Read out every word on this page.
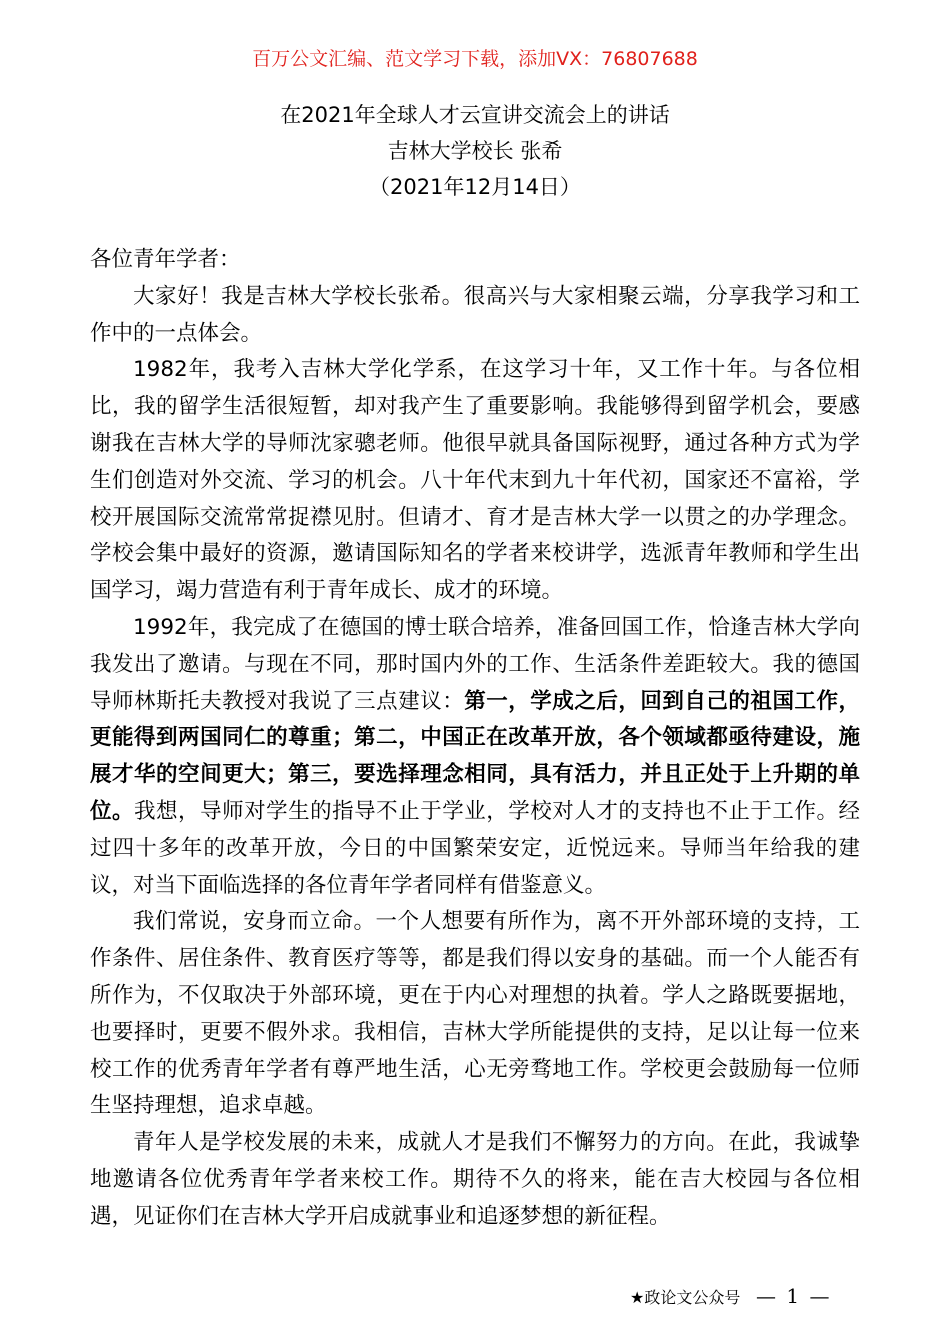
百万公文汇编、范文学习下载，添加VX：76807688
在2021年全球人才云宣讲交流会上的讲话
吉林大学校长 张希
（2021年12月14日）

各位青年学者：

大家好！我是吉林大学校长张希。很高兴与大家相聚云端，分享我学习和工作中的一点体会。

1982年，我考入吉林大学化学系，在这学习十年，又工作十年。与各位相比，我的留学生活很短暂，却对我产生了重要影响。我能够得到留学机会，要感谢我在吉林大学的导师沈家骢老师。他很早就具备国际视野，通过各种方式为学生们创造对外交流、学习的机会。八十年代末到九十年代初，国家还不富裕，学校开展国际交流常常捉襟见肘。但请才、育才是吉林大学一以贯之的办学理念。学校会集中最好的资源，邀请国际知名的学者来校讲学，选派青年教师和学生出国学习，竭力营造有利于青年成长、成才的环境。

1992年，我完成了在德国的博士联合培养，准备回国工作，恰逢吉林大学向我发出了邀请。与现在不同，那时国内外的工作、生活条件差距较大。我的德国导师林斯托夫教授对我说了三点建议：第一，学成之后，回到自己的祖国工作，更能得到两国同仁的尊重；第二，中国正在改革开放，各个领域都亟待建设，施展才华的空间更大；第三，要选择理念相同，具有活力，并且正处于上升期的单位。我想，导师对学生的指导不止于学业，学校对人才的支持也不止于工作。经过四十多年的改革开放，今日的中国繁荣安定，近悦远来。导师当年给我的建议，对当下面临选择的各位青年学者同样有借鉴意义。

我们常说，安身而立命。一个人想要有所作为，离不开外部环境的支持，工作条件、居住条件、教育医疗等等，都是我们得以安身的基础。而一个人能否有所作为，不仅取决于外部环境，更在于内心对理想的执着。学人之路既要据地，也要择时，更要不假外求。我相信，吉林大学所能提供的支持，足以让每一位来校工作的优秀青年学者有尊严地生活，心无旁骛地工作。学校更会鼓励每一位师生坚持理想，追求卓越。

青年人是学校发展的未来，成就人才是我们不懈努力的方向。在此，我诚挚地邀请各位优秀青年学者来校工作。期待不久的将来，能在吉大校园与各位相遇，见证你们在吉林大学开启成就事业和追逐梦想的新征程。

★政论文公众号 — 1 —
